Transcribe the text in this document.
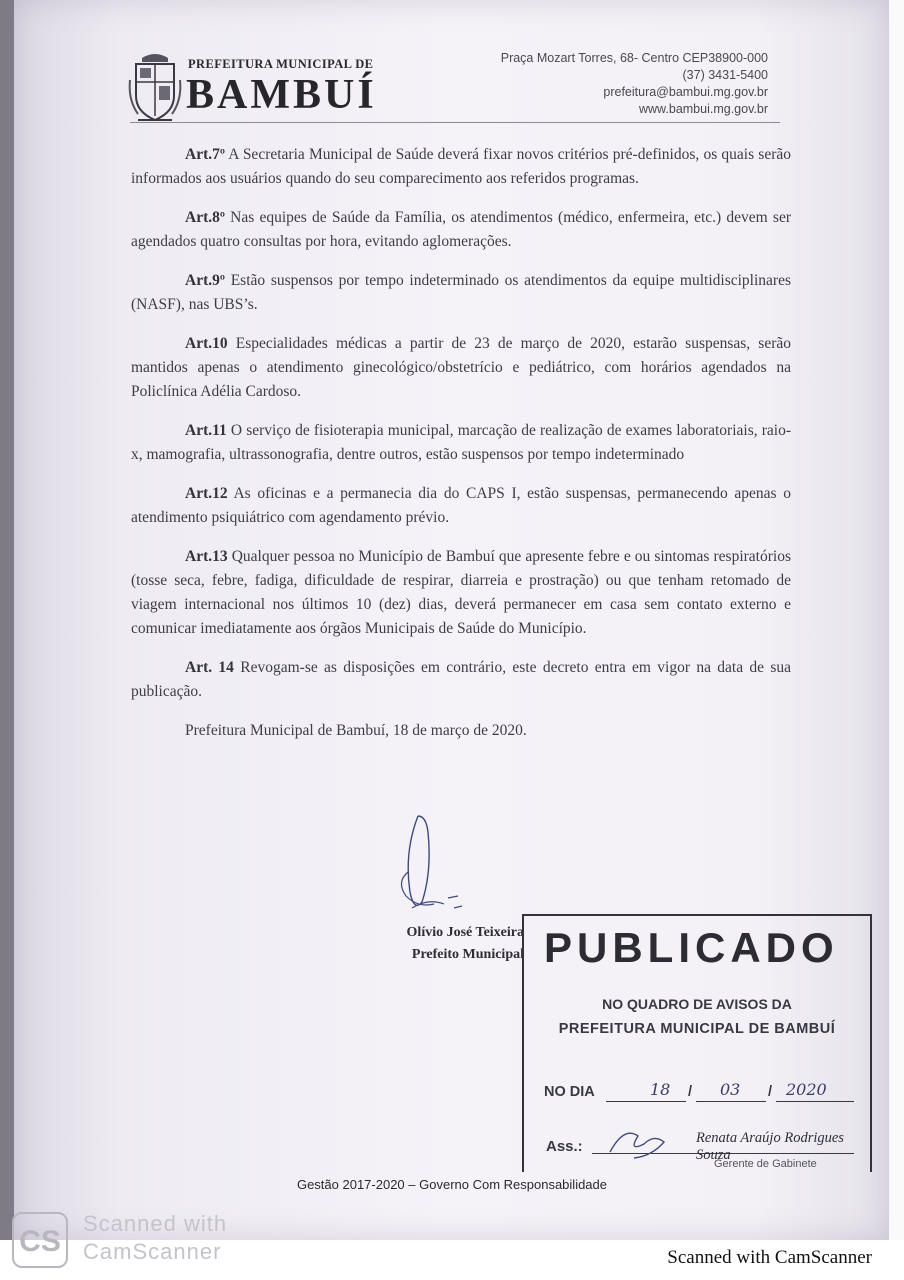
PREFEITURA MUNICIPAL DE
BAMBUÍ
Praça Mozart Torres, 68- Centro CEP38900-000
(37) 3431-5400
prefeitura@bambui.mg.gov.br
www.bambui.mg.gov.br

Art.7º A Secretaria Municipal de Saúde deverá fixar novos critérios pré-definidos, os quais serão informados aos usuários quando do seu comparecimento aos referidos programas.

Art.8º Nas equipes de Saúde da Família, os atendimentos (médico, enfermeira, etc.) devem ser agendados quatro consultas por hora, evitando aglomerações.

Art.9º Estão suspensos por tempo indeterminado os atendimentos da equipe multidisciplinares (NASF), nas UBS’s.

Art.10 Especialidades médicas a partir de 23 de março de 2020, estarão suspensas, serão mantidos apenas o atendimento ginecológico/obstetrício e pediátrico, com horários agendados na Policlínica Adélia Cardoso.

Art.11 O serviço de fisioterapia municipal, marcação de realização de exames laboratoriais, raio-x, mamografia, ultrassonografia, dentre outros, estão suspensos por tempo indeterminado

Art.12 As oficinas e a permanecia dia do CAPS I, estão suspensas, permanecendo apenas o atendimento psiquiátrico com agendamento prévio.

Art.13 Qualquer pessoa no Município de Bambuí que apresente febre e ou sintomas respiratórios (tosse seca, febre, fadiga, dificuldade de respirar, diarreia e prostração) ou que tenham retomado de viagem internacional nos últimos 10 (dez) dias, deverá permanecer em casa sem contato externo e comunicar imediatamente aos órgãos Municipais de Saúde do Município.

Art. 14 Revogam-se as disposições em contrário, este decreto entra em vigor na data de sua publicação.

Prefeitura Municipal de Bambuí, 18 de março de 2020.

Olívio José Teixeira
Prefeito Municipal PUBLICADO
NO QUADRO DE AVISOS DA
PREFEITURA MUNICIPAL DE BAMBUÍ
NO DIA	18 / 03 / 2020
Ass.:	Renata Araújo Rodrigues Souza
Gerente de Gabinete
Gestão 2017-2020 – Governo Com Responsabilidade
CS
Scanned with
CamScanner	Scanned with CamScanner
